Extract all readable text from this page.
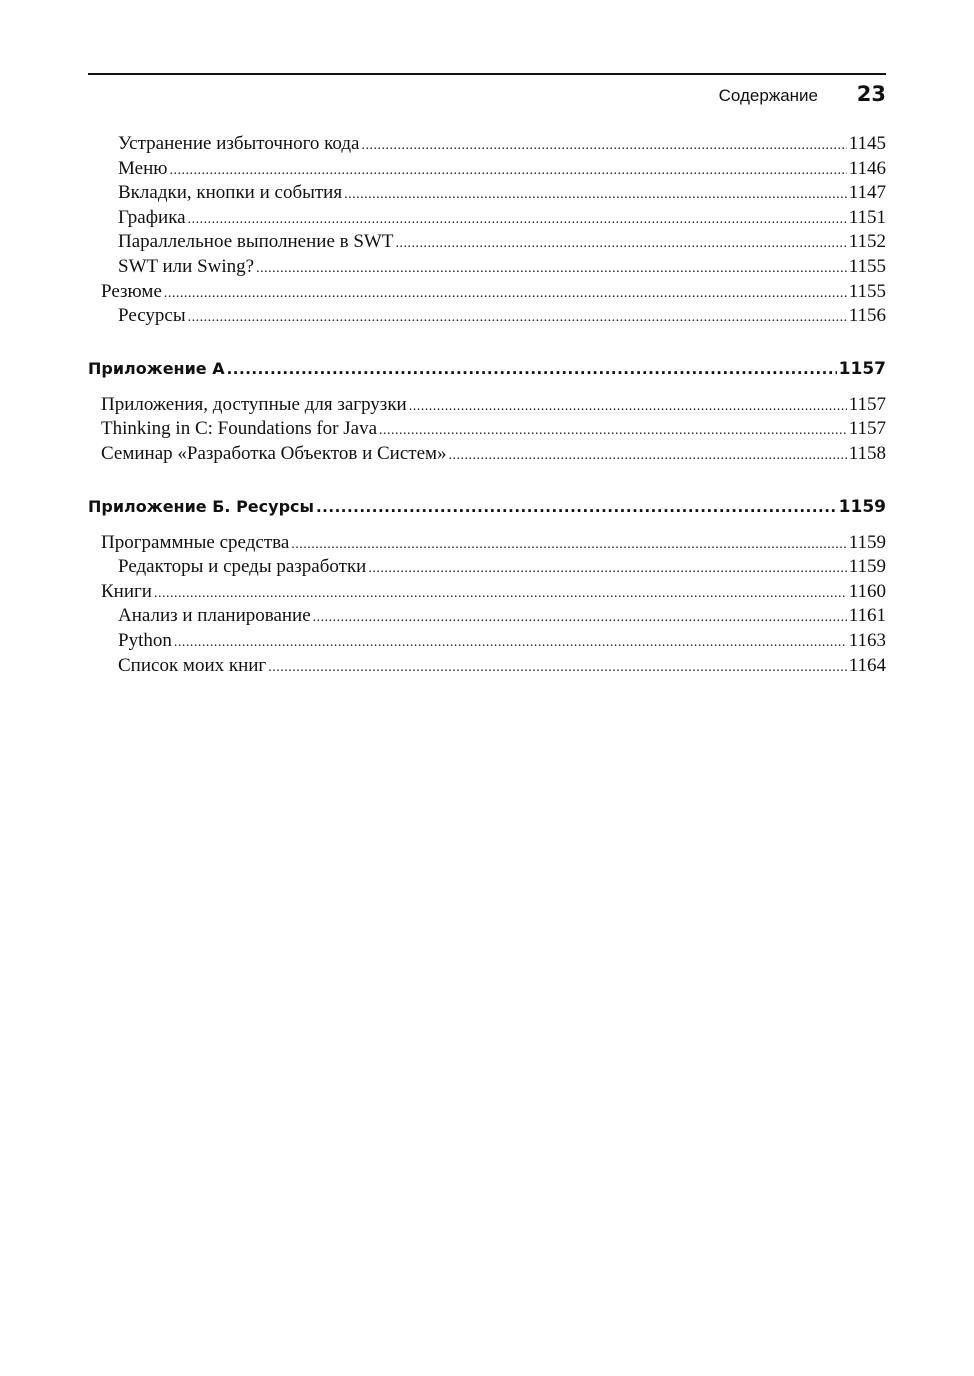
Содержание 23
Устранение избыточного кода .....	1145
Меню .....	1146
Вкладки, кнопки и события .....	1147
Графика .....	1151
Параллельное выполнение в SWT .....	1152
SWT или Swing? .....	1155
Резюме .....	1155
Ресурсы .....	1156
Приложение А .....	1157
Приложения, доступные для загрузки .....	1157
Thinking in C: Foundations for Java .....	1157
Семинар «Разработка Объектов и Систем» .....	1158
Приложение Б. Ресурсы .....	1159
Программные средства .....	1159
Редакторы и среды разработки .....	1159
Книги .....	1160
Анализ и планирование .....	1161
Python .....	1163
Список моих книг .....	1164
